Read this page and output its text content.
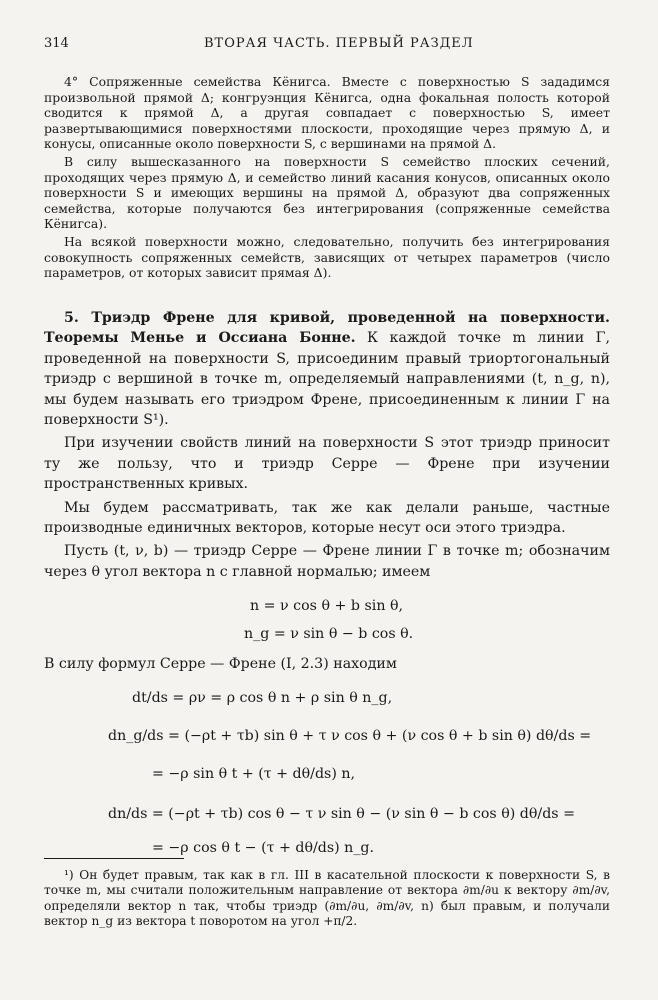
314	ВТОРАЯ ЧАСТЬ. ПЕРВЫЙ РАЗДЕЛ

4° Сопряженные семейства Кёнигса. Вместе с поверхностью S зададимся произвольной прямой Δ; конгруэнция Кёнигса, одна фокальная полость которой сводится к прямой Δ, а другая совпадает с поверхностью S, имеет развертывающимися поверхностями плоскости, проходящие через прямую Δ, и конусы, описанные около поверхности S, с вершинами на прямой Δ.

В силу вышесказанного на поверхности S семейство плоских сечений, проходящих через прямую Δ, и семейство линий касания конусов, описанных около поверхности S и имеющих вершины на прямой Δ, образуют два сопряженных семейства, которые получаются без интегрирования (сопряженные семейства Кёнигса).

На всякой поверхности можно, следовательно, получить без интегрирования совокупность сопряженных семейств, зависящих от четырех параметров (число параметров, от которых зависит прямая Δ).

5. Триэдр Френе для кривой, проведенной на поверхности. Теоремы Менье и Оссиана Бонне. К каждой точке m линии Γ, проведенной на поверхности S, присоединим правый триортогональный триэдр с вершиной в точке m, определяемый направлениями (t, n_g, n), мы будем называть его триэдром Френе, присоединенным к линии Γ на поверхности S¹).

При изучении свойств линий на поверхности S этот триэдр приносит ту же пользу, что и триэдр Серре — Френе при изучении пространственных кривых.

Мы будем рассматривать, так же как делали раньше, частные производные единичных векторов, которые несут оси этого триэдра.

Пусть (t, ν, b) — триэдр Серре — Френе линии Γ в точке m; обозначим через θ угол вектора n с главной нормалью; имеем

n = ν cos θ + b sin θ,
n_g = ν sin θ − b cos θ.

В силу формул Серре — Френе (I, 2.3) находим

dt/ds = ρν = ρ cos θ n + ρ sin θ n_g,
dn_g/ds = (−ρt + τb) sin θ + τ ν cos θ + (ν cos θ + b sin θ) dθ/ds =
= −ρ sin θ t + (τ + dθ/ds) n,
dn/ds = (−ρt + τb) cos θ − τ ν sin θ − (ν sin θ − b cos θ) dθ/ds =
= −ρ cos θ t − (τ + dθ/ds) n_g.

¹) Он будет правым, так как в гл. III в касательной плоскости к поверхности S, в точке m, мы считали положительным направление от вектора ∂m/∂u к вектору ∂m/∂v, определяли вектор n так, чтобы триэдр (∂m/∂u, ∂m/∂v, n) был правым, и получали вектор n_g из вектора t поворотом на угол +π/2.
